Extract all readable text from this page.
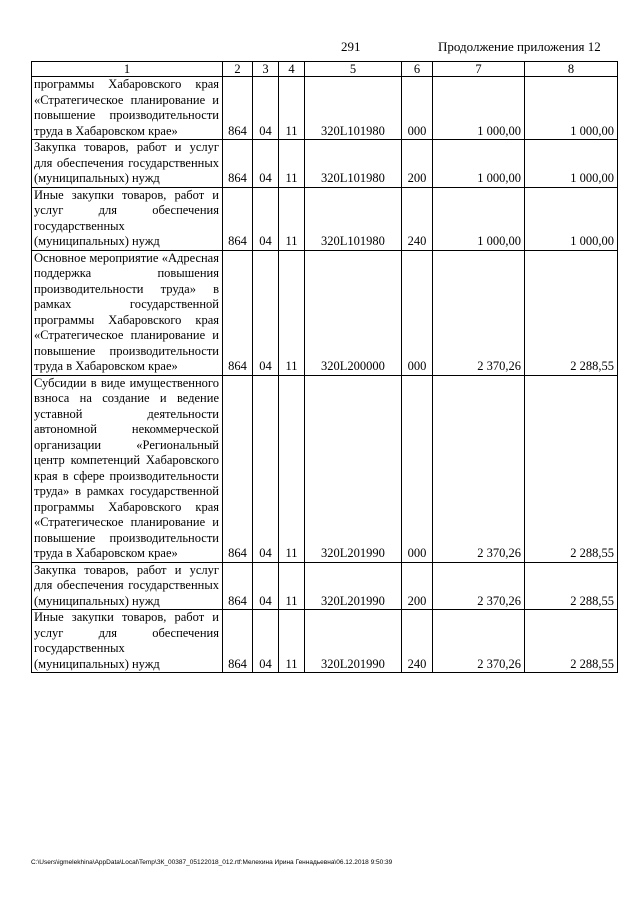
291	Продолжение приложения 12
1	2	3	4	5	6	7	8
программы Хабаровского края «Стратегическое планирование и повышение производительности труда в Хабаровском крае»	864	04	11	320L101980	000	1 000,00	1 000,00
Закупка товаров, работ и услуг для обеспечения государственных (муниципальных) нужд	864	04	11	320L101980	200	1 000,00	1 000,00
Иные закупки товаров, работ и услуг для обеспечения государственных (муниципальных) нужд	864	04	11	320L101980	240	1 000,00	1 000,00
Основное мероприятие «Адресная поддержка повышения производительности труда» в рамках государственной программы Хабаровского края «Стратегическое планирование и повышение производительности труда в Хабаровском крае»	864	04	11	320L200000	000	2 370,26	2 288,55
Субсидии в виде имущественного взноса на создание и ведение уставной деятельности автономной некоммерческой организации «Региональный центр компетенций Хабаровского края в сфере производительности труда» в рамках государственной программы Хабаровского края «Стратегическое планирование и повышение производительности труда в Хабаровском крае»	864	04	11	320L201990	000	2 370,26	2 288,55
Закупка товаров, работ и услуг для обеспечения государственных (муниципальных) нужд	864	04	11	320L201990	200	2 370,26	2 288,55
Иные закупки товаров, работ и услуг для обеспечения государственных (муниципальных) нужд	864	04	11	320L201990	240	2 370,26	2 288,55
C:\Users\igmelekhina\AppData\Local\Temp\ЗК_00387_05122018_012.rtf:Мелехина Ирина Геннадьевна\06.12.2018 9:50:39
